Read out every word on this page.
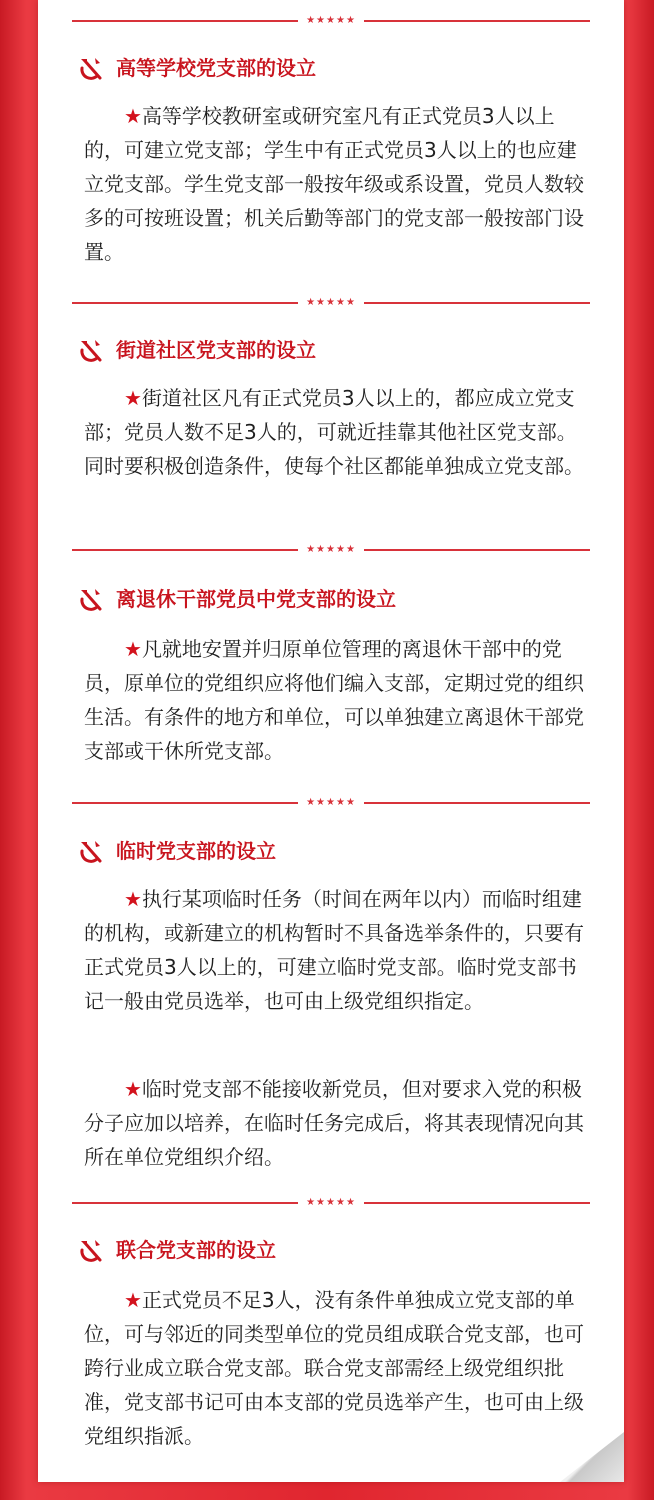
★★★★★
高等学校党支部的设立

★高等学校教研室或研究室凡有正式党员3人以上的，可建立党支部；学生中有正式党员3人以上的也应建立党支部。学生党支部一般按年级或系设置，党员人数较多的可按班设置；机关后勤等部门的党支部一般按部门设置。

★★★★★
街道社区党支部的设立

★街道社区凡有正式党员3人以上的，都应成立党支部；党员人数不足3人的，可就近挂靠其他社区党支部。同时要积极创造条件，使每个社区都能单独成立党支部。

★★★★★
离退休干部党员中党支部的设立

★凡就地安置并归原单位管理的离退休干部中的党员，原单位的党组织应将他们编入支部，定期过党的组织生活。有条件的地方和单位，可以单独建立离退休干部党支部或干休所党支部。

★★★★★
临时党支部的设立

★执行某项临时任务（时间在两年以内）而临时组建的机构，或新建立的机构暂时不具备选举条件的，只要有正式党员3人以上的，可建立临时党支部。临时党支部书记一般由党员选举，也可由上级党组织指定。

★临时党支部不能接收新党员，但对要求入党的积极分子应加以培养，在临时任务完成后，将其表现情况向其所在单位党组织介绍。

★★★★★
联合党支部的设立

★正式党员不足3人，没有条件单独成立党支部的单位，可与邻近的同类型单位的党员组成联合党支部，也可跨行业成立联合党支部。联合党支部需经上级党组织批准，党支部书记可由本支部的党员选举产生，也可由上级党组织指派。
